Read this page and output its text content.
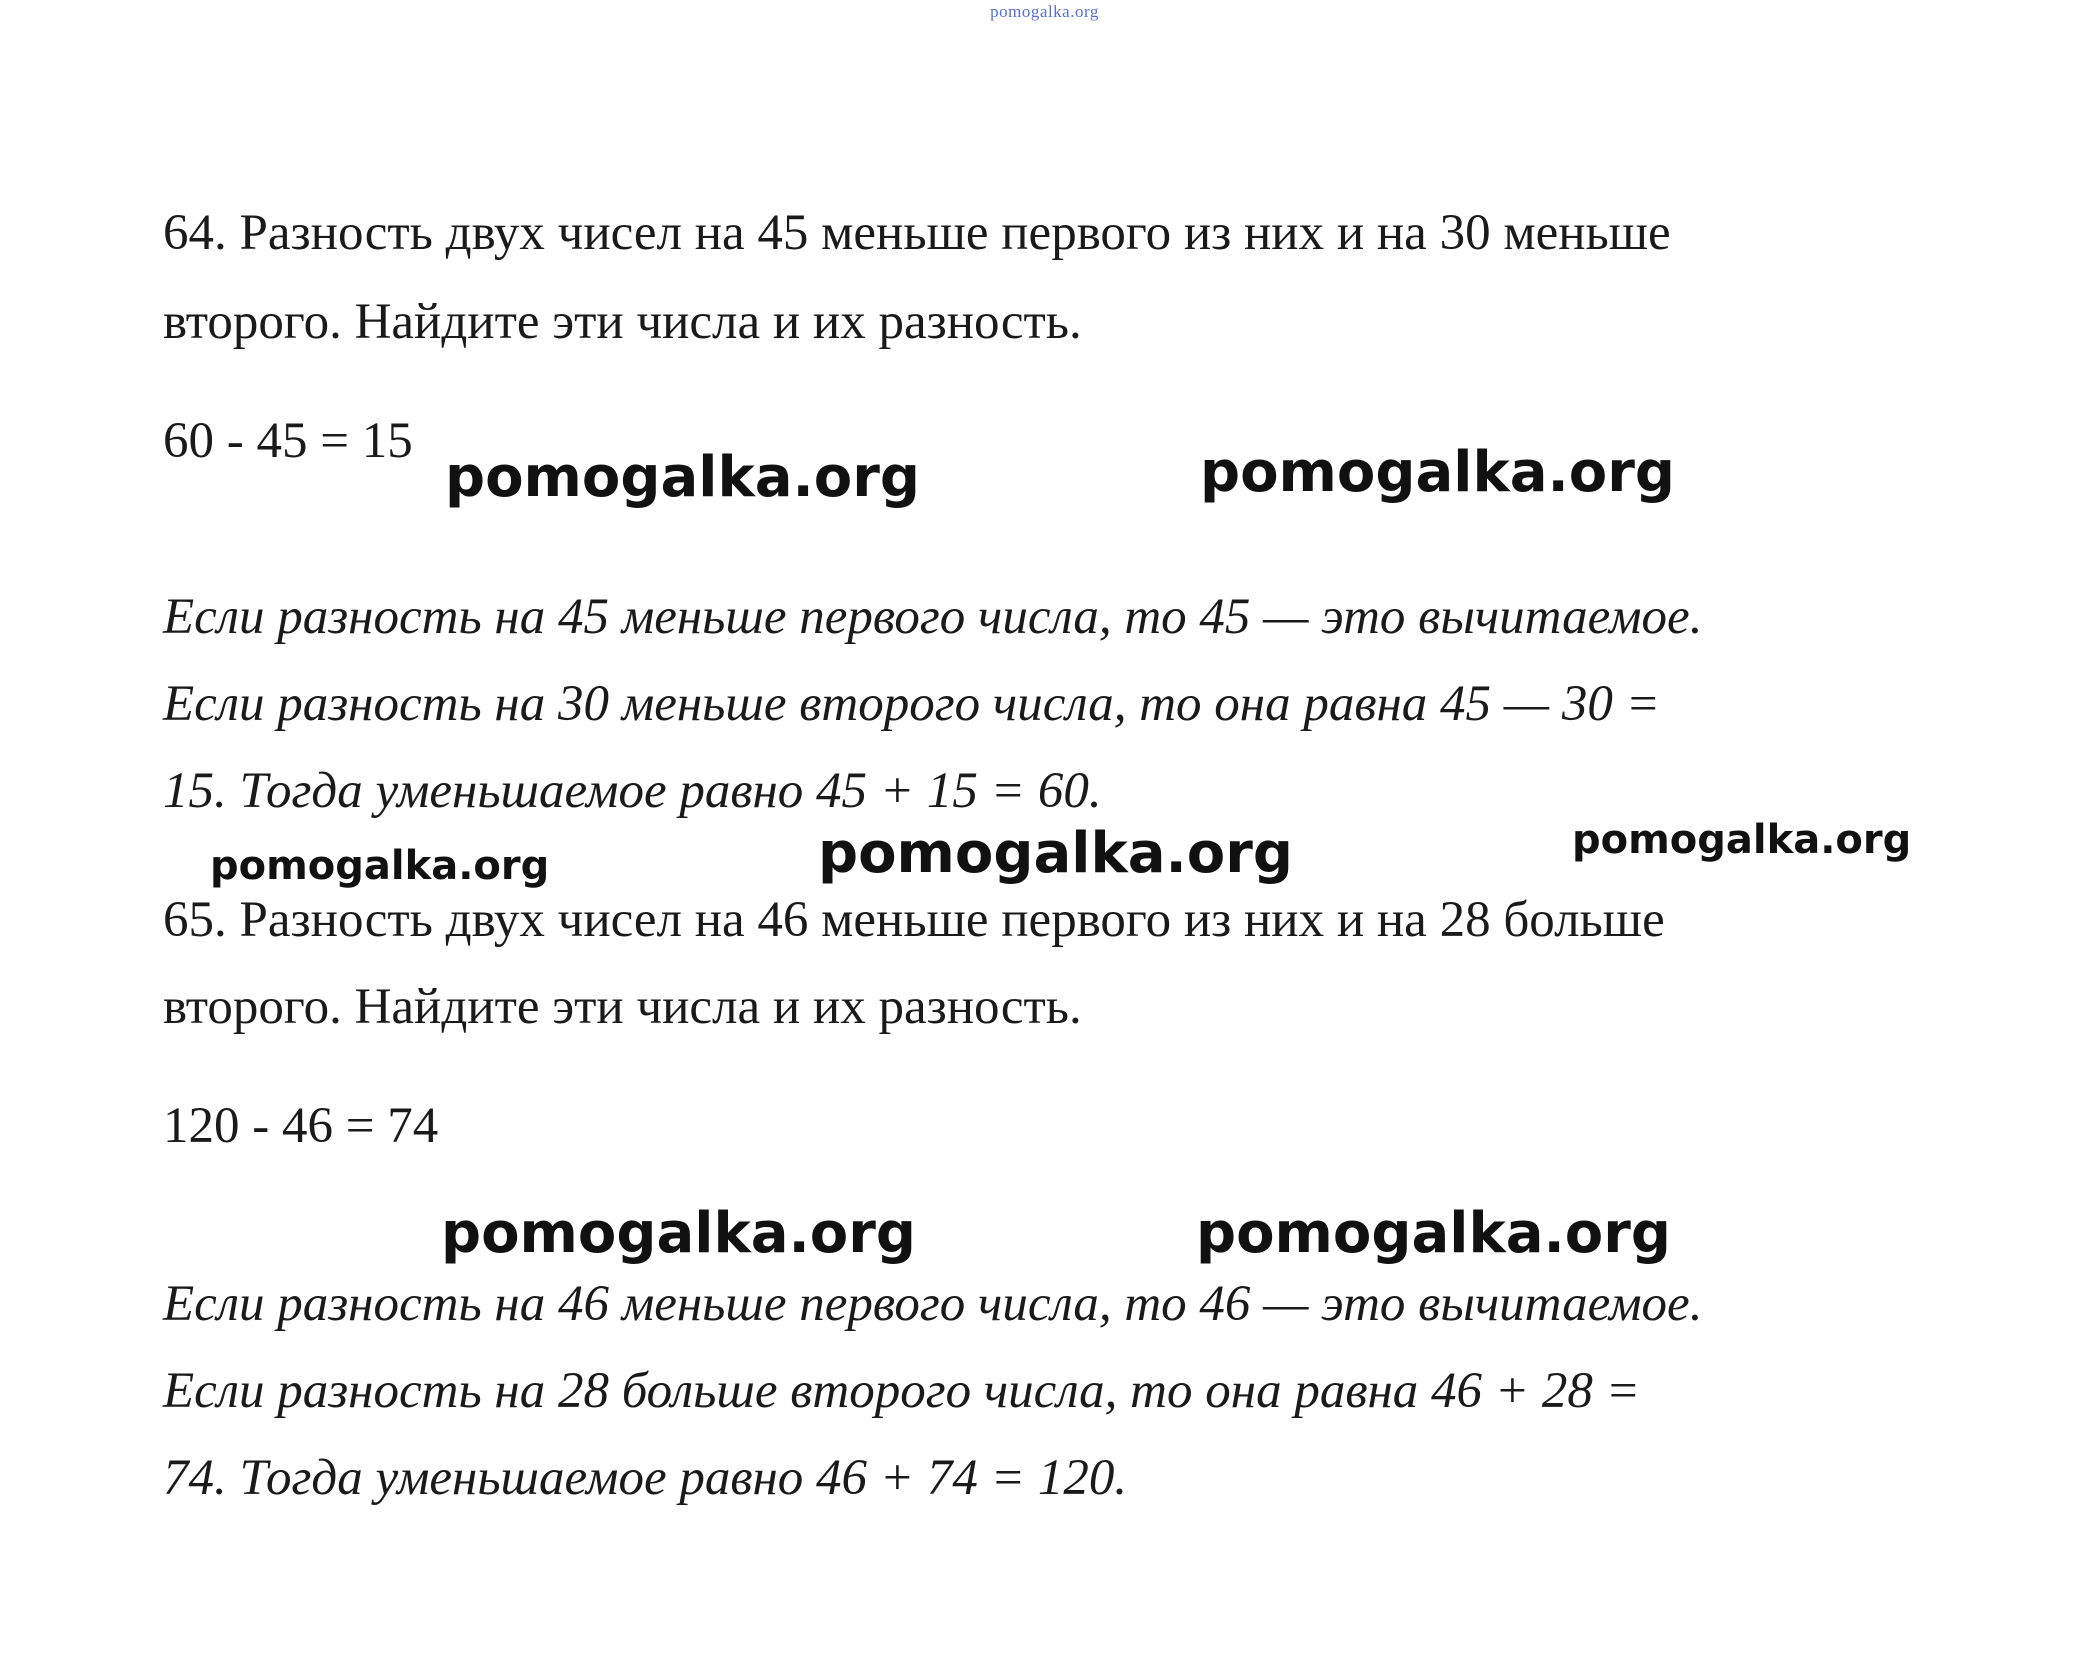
pomogalka.org
64. Разность двух чисел на 45 меньше первого из них и на 30 меньше
второго. Найдите эти числа и их разность.
60 - 45 = 15
pomogalka.org	pomogalka.org
Если разность на 45 меньше первого числа, то 45 — это вычитаемое.
Если разность на 30 меньше второго числа, то она равна 45 — 30 =
15. Тогда уменьшаемое равно 45 + 15 = 60.
pomogalka.org	pomogalka.org	pomogalka.org
65. Разность двух чисел на 46 меньше первого из них и на 28 больше
второго. Найдите эти числа и их разность.
120 - 46 = 74
pomogalka.org	pomogalka.org
Если разность на 46 меньше первого числа, то 46 — это вычитаемое.
Если разность на 28 больше второго числа, то она равна 46 + 28 =
74. Тогда уменьшаемое равно 46 + 74 = 120.
